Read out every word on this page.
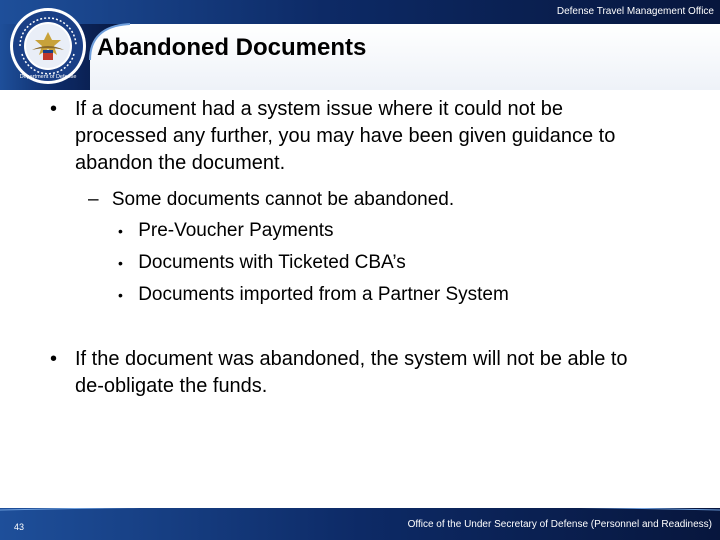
Defense Travel Management Office
Department of Defense
Abandoned Documents
• If a document had a system issue where it could not be processed any further, you may have been given guidance to abandon the document.
– Some documents cannot be abandoned.
• Pre-Voucher Payments
• Documents with Ticketed CBA’s
• Documents imported from a Partner System
• If the document was abandoned, the system will not be able to de-obligate the funds.
43	Office of the Under Secretary of Defense (Personnel and Readiness)
